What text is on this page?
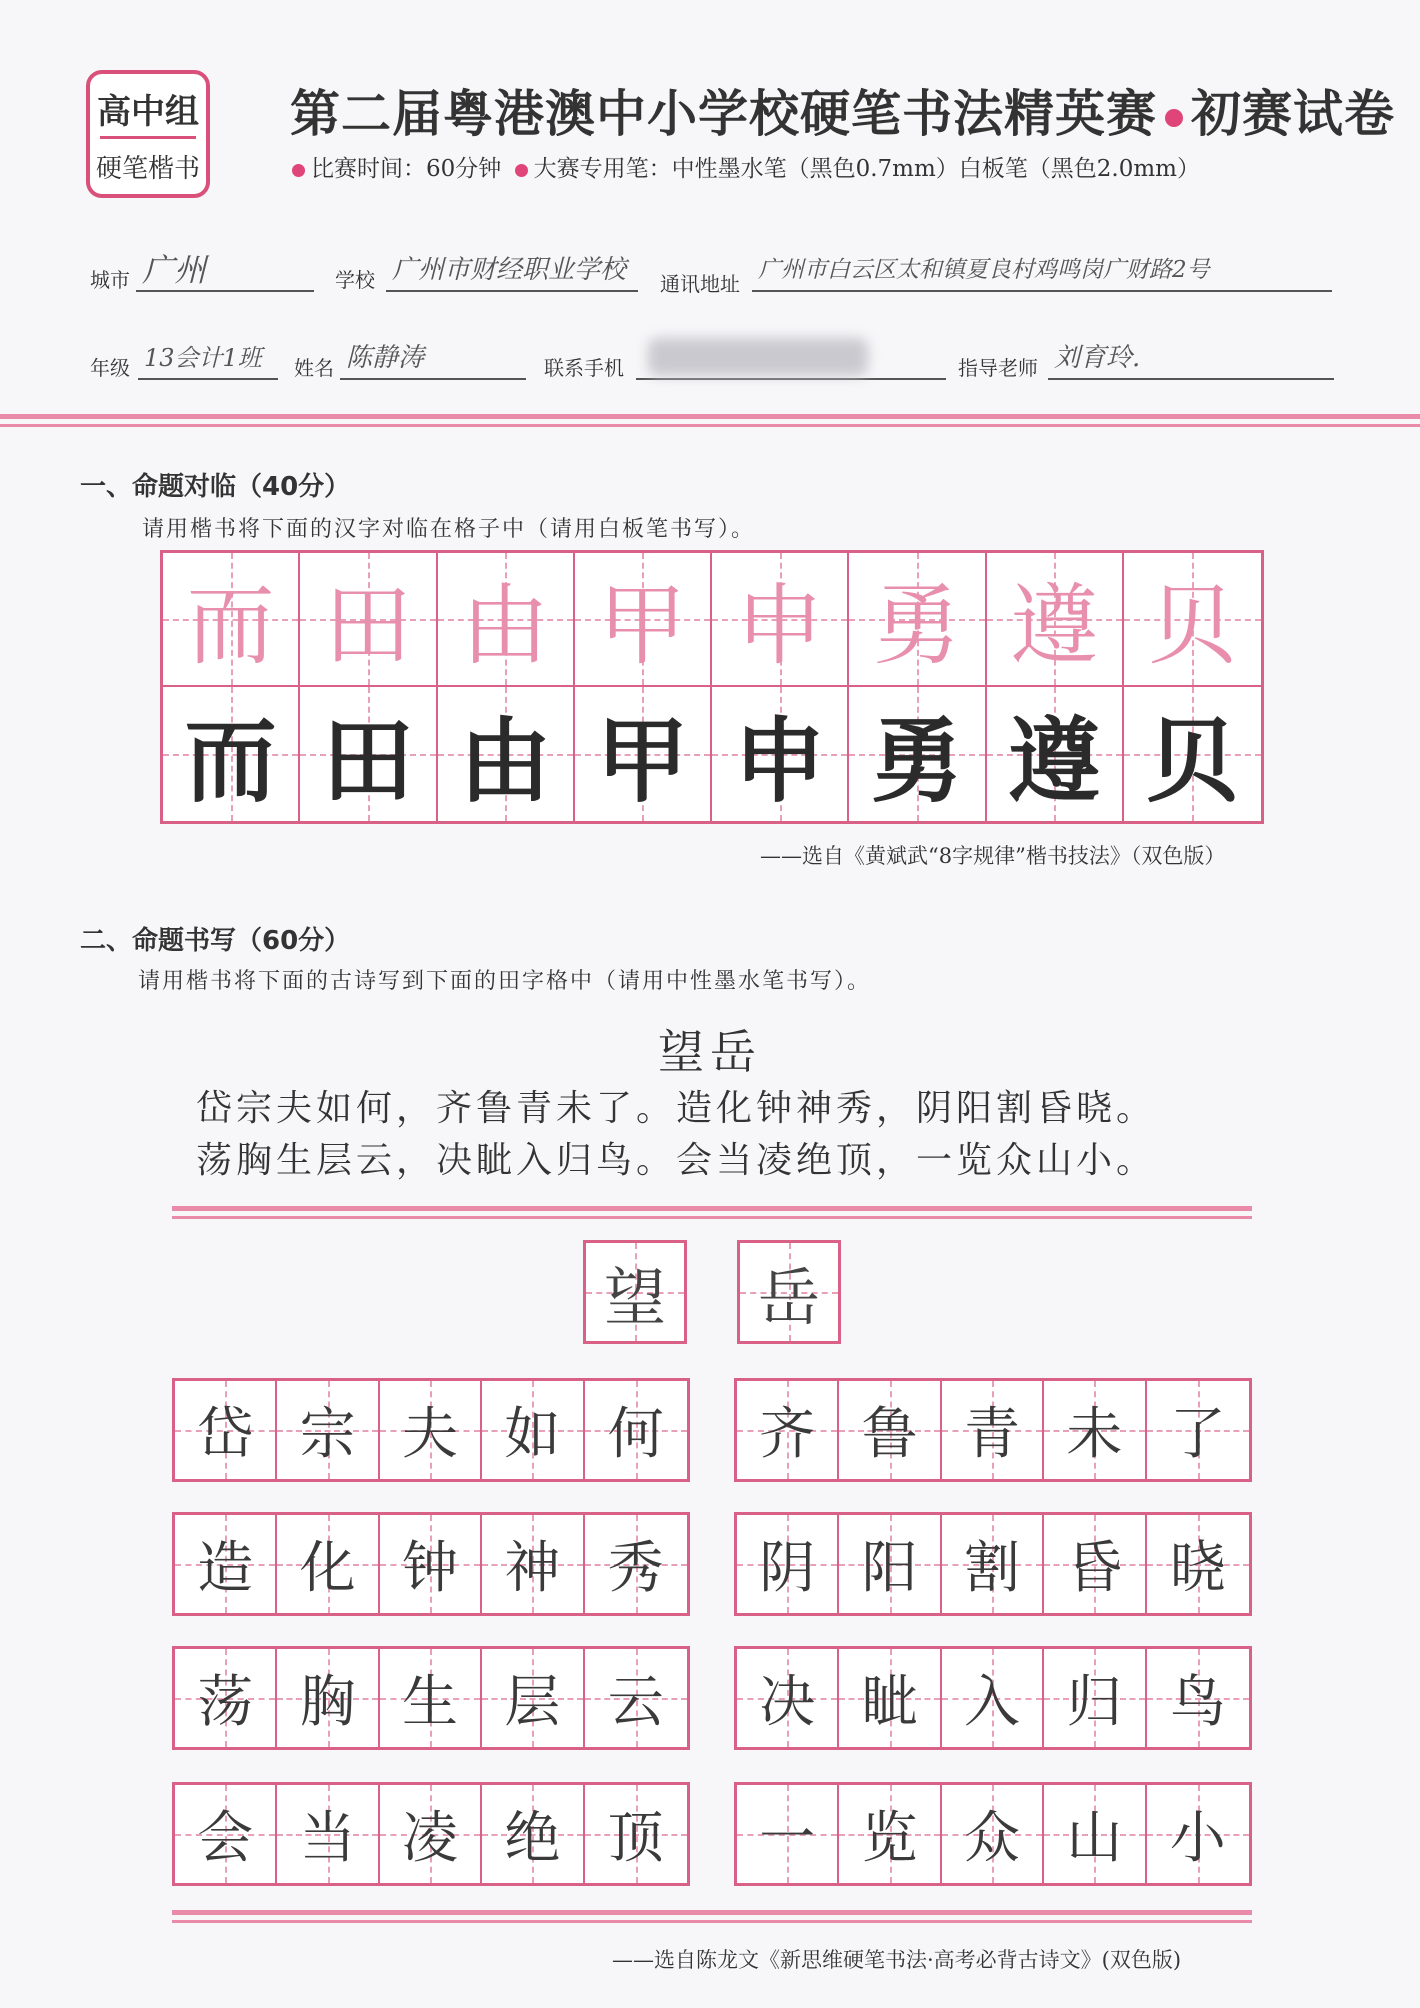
高中组
硬笔楷书
第二届粤港澳中小学校硬笔书法精英赛 初赛试卷
比赛时间：60分钟 大赛专用笔：中性墨水笔（黑色0.7mm）白板笔（黑色2.0mm）
城市 广州	学校 广州市财经职业学校 通讯地址
广州市白云区太和镇夏良村鸡鸣岗广财路2号
年级 13会计1班 姓名 陈静涛	联系手机	指导老师 刘育玲.
一、命题对临（40分）
请用楷书将下面的汉字对临在格子中（请用白板笔书写）。
而 田 由 甲 申 勇 遵 贝
而 田 由 甲 申 勇 遵 贝
——选自《黄斌武“8字规律”楷书技法》（双色版）
二、命题书写（60分）
请用楷书将下面的古诗写到下面的田字格中（请用中性墨水笔书写）。
望岳
岱宗夫如何，齐鲁青未了。造化钟神秀，阴阳割昏晓。
荡胸生层云，决眦入归鸟。会当凌绝顶，一览众山小。
望 岳
岱 宗 夫 如 何 齐 鲁 青 未 了
造 化 钟 神 秀 阴 阳 割 昏 晓
荡 胸 生 层 云 决 眦 入 归 鸟
会 当 凌 绝 顶 一 览 众 山 小
——选自陈龙文《新思维硬笔书法·高考必背古诗文》(双色版)
